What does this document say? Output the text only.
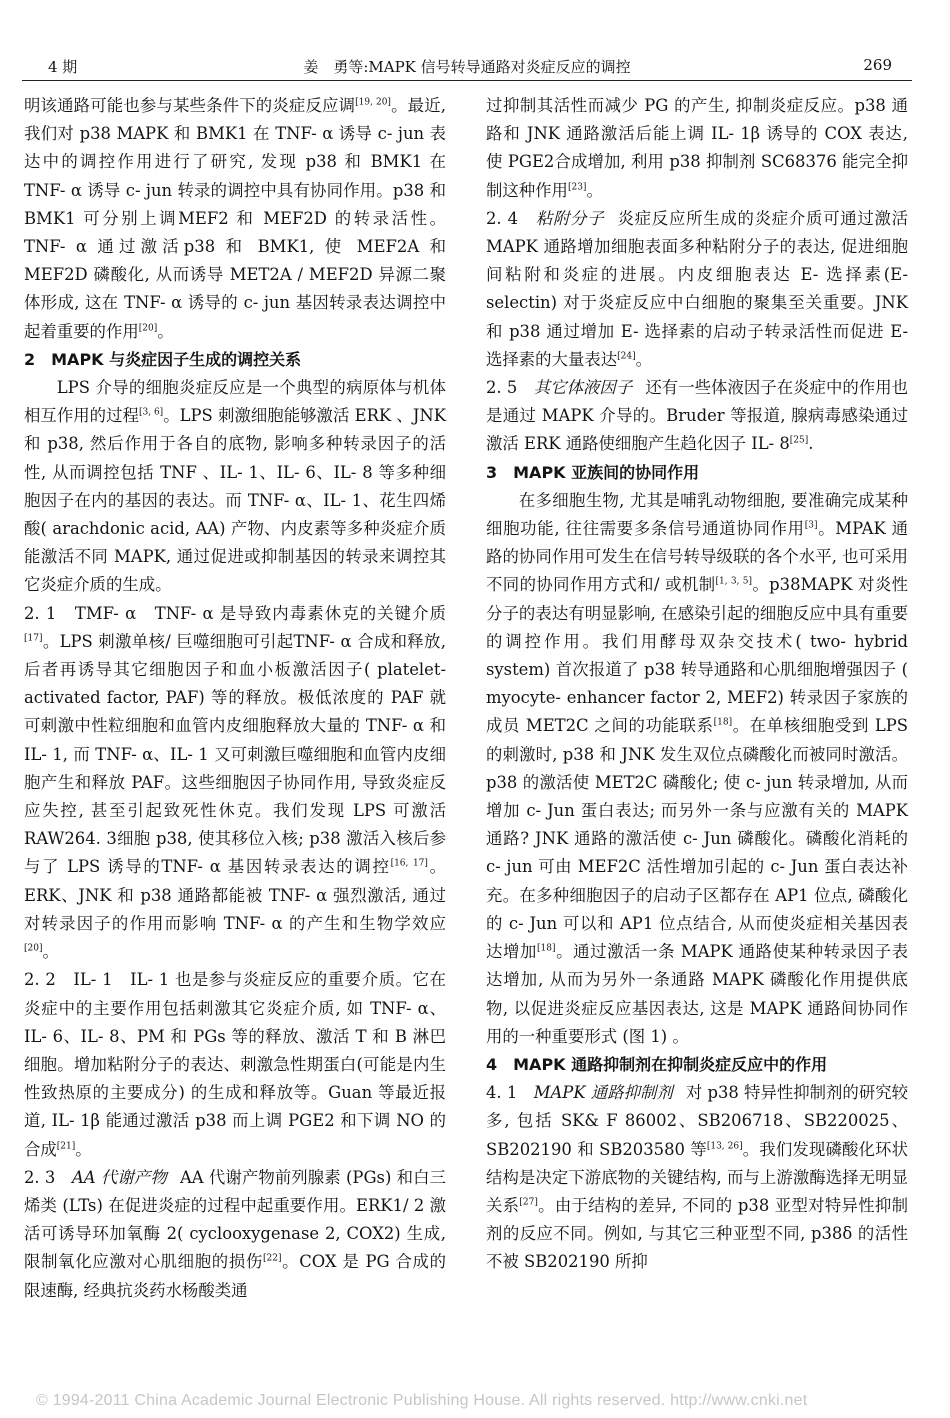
4 期	姜　勇等:MAPK 信号转导通路对炎症反应的调控	269

明该通路可能也参与某些条件下的炎症反应调[19, 20]。最近,我们对 p38 MAPK 和 BMK1 在 TNF- α 诱导 c- jun 表达中的调控作用进行了研究, 发现 p38 和 BMK1 在 TNF- α 诱导 c- jun 转录的调控中具有协同作用。p38 和 BMK1 可分别上调MEF2 和 MEF2D 的转录活性。TNF- α 通过激活p38 和 BMK1, 使 MEF2A 和 MEF2D 磷酸化, 从而诱导 MET2A / MEF2D 异源二聚体形成, 这在 TNF- α 诱导的 c- jun 基因转录表达调控中起着重要的作用[20]。

2　MAPK 与炎症因子生成的调控关系

LPS 介导的细胞炎症反应是一个典型的病原体与机体相互作用的过程[3, 6]。LPS 刺激细胞能够激活 ERK 、JNK 和 p38, 然后作用于各自的底物, 影响多种转录因子的活性, 从而调控包括 TNF 、IL- 1、IL- 6、IL- 8 等多种细胞因子在内的基因的表达。而 TNF- α、IL- 1、花生四烯酸( arachdonic acid, AA) 产物、内皮素等多种炎症介质能激活不同 MAPK, 通过促进或抑制基因的转录来调控其它炎症介质的生成。

2. 1　TMF- α　 TNF- α 是导致内毒素休克的关键介质[17]。LPS 刺激单核/ 巨噬细胞可引起TNF- α 合成和释放, 后者再诱导其它细胞因子和血小板激活因子( platelet- activated factor, PAF) 等的释放。极低浓度的 PAF 就可刺激中性粒细胞和血管内皮细胞释放大量的 TNF- α 和 IL- 1, 而 TNF- α、IL- 1 又可刺激巨噬细胞和血管内皮细胞产生和释放 PAF。这些细胞因子协同作用, 导致炎症反应失控, 甚至引起致死性休克。我们发现 LPS 可激活 RAW264. 3细胞 p38, 使其移位入核; p38 激活入核后参与了 LPS 诱导的TNF- α 基因转录表达的调控[16, 17]。ERK、JNK 和 p38 通路都能被 TNF- α 强烈激活, 通过对转录因子的作用而影响 TNF- α 的产生和生物学效应[20]。

2. 2　IL- 1　 IL- 1 也是参与炎症反应的重要介质。它在炎症中的主要作用包括刺激其它炎症介质, 如 TNF- α、IL- 6、IL- 8、PM 和 PGs 等的释放、激活 T 和 B 淋巴细胞。增加粘附分子的表达、刺激急性期蛋白(可能是内生性致热原的主要成分) 的生成和释放等。Guan 等最近报道, IL- 1β 能通过激活 p38 而上调 PGE2 和下调 NO 的合成[21]。

2. 3　 AA 代谢产物 AA 代谢产物前列腺素 (PGs) 和白三烯类 (LTs) 在促进炎症的过程中起重要作用。ERK1/ 2 激活可诱导环加氧酶 2( cyclooxygenase 2, COX2) 生成, 限制氧化应激对心肌细胞的损伤[22]。COX 是 PG 合成的限速酶, 经典抗炎药水杨酸类通

过抑制其活性而减少 PG 的产生, 抑制炎症反应。p38 通路和 JNK 通路激活后能上调 IL- 1β 诱导的 COX 表达, 使 PGE2合成增加, 利用 p38 抑制剂 SC68376 能完全抑制这种作用[23]。

2. 4　 粘附分子 炎症反应所生成的炎症介质可通过激活 MAPK 通路增加细胞表面多种粘附分子的表达, 促进细胞间粘附和炎症的进展。内皮细胞表达 E- 选择素(E- selectin) 对于炎症反应中白细胞的聚集至关重要。JNK 和 p38 通过增加 E- 选择素的启动子转录活性而促进 E- 选择素的大量表达[24]。

2. 5　 其它体液因子 还有一些体液因子在炎症中的作用也是通过 MAPK 介导的。Bruder 等报道, 腺病毒感染通过激活 ERK 通路使细胞产生趋化因子 IL- 8[25].

3　MAPK 亚族间的协同作用

在多细胞生物, 尤其是哺乳动物细胞, 要准确完成某种细胞功能, 往往需要多条信号通道协同作用[3]。MPAK 通路的协同作用可发生在信号转导级联的各个水平, 也可采用不同的协同作用方式和/ 或机制[1, 3, 5]。p38MAPK 对炎性分子的表达有明显影响, 在感染引起的细胞反应中具有重要的调控作用。我们用酵母双杂交技术( two- hybrid system) 首次报道了 p38 转导通路和心肌细胞增强因子 ( myocyte- enhancer factor 2, MEF2) 转录因子家族的成员 MET2C 之间的功能联系[18]。在单核细胞受到 LPS 的刺激时, p38 和 JNK 发生双位点磷酸化而被同时激活。p38 的激活使 MET2C 磷酸化; 使 c- jun 转录增加, 从而增加 c- Jun 蛋白表达; 而另外一条与应激有关的 MAPK 通路? JNK 通路的激活使 c- Jun 磷酸化。磷酸化消耗的 c- jun 可由 MEF2C 活性增加引起的 c- Jun 蛋白表达补充。在多种细胞因子的启动子区都存在 AP1 位点, 磷酸化的 c- Jun 可以和 AP1 位点结合, 从而使炎症相关基因表达增加[18]。通过激活一条 MAPK 通路使某种转录因子表达增加, 从而为另外一条通路 MAPK 磷酸化作用提供底物, 以促进炎症反应基因表达, 这是 MAPK 通路间协同作用的一种重要形式 (图 1) 。

4　MAPK 通路抑制剂在抑制炎症反应中的作用

4. 1　 MAPK 通路抑制剂 对 p38 特异性抑制剂的研究较多, 包括 SK& F 86002、SB206718、SB220025、SB202190 和 SB203580 等[13, 26]。我们发现磷酸化环状结构是决定下游底物的关键结构, 而与上游激酶选择无明显关系[27]。由于结构的差异, 不同的 p38 亚型对特异性抑制剂的反应不同。例如, 与其它三种亚型不同, p38δ 的活性不被 SB202190 所抑

© 1994-2011 China Academic Journal Electronic Publishing House. All rights reserved. http://www.cnki.net
